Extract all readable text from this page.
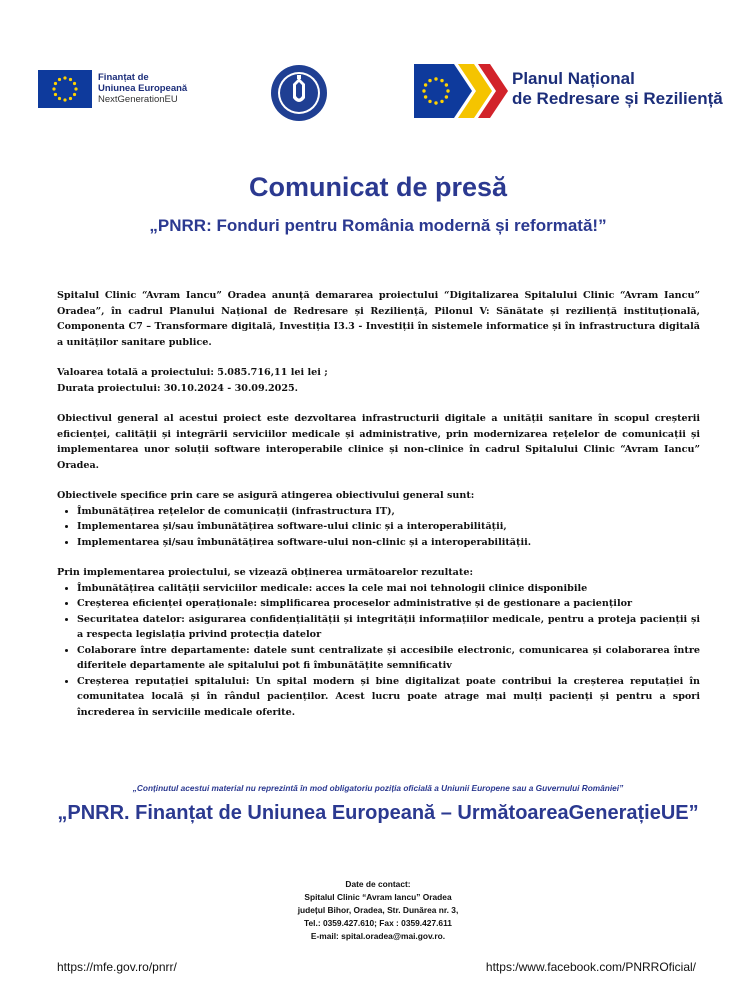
Finanțat de
Uniunea Europeană
NextGenerationEU
Planul Național
de Redresare și Reziliență
Comunicat de presă
„PNRR: Fonduri pentru România modernă și reformată!”

Spitalul Clinic “Avram Iancu” Oradea anunță demararea proiectului “Digitalizarea Spitalului Clinic “Avram Iancu” Oradea”, în cadrul Planului Național de Redresare și Reziliență, Pilonul V: Sănătate și reziliență instituțională, Componenta C7 – Transformare digitală, Investiția I3.3 - Investiții în sistemele informatice și în infrastructura digitală a unităților sanitare publice.

Valoarea totală a proiectului: 5.085.716,11 lei lei ;

Durata proiectului: 30.10.2024 - 30.09.2025.

Obiectivul general al acestui proiect este dezvoltarea infrastructurii digitale a unității sanitare în scopul creșterii eficienței, calității și integrării serviciilor medicale și administrative, prin modernizarea rețelelor de comunicații și implementarea unor soluții software interoperabile clinice și non-clinice în cadrul Spitalului Clinic “Avram Iancu” Oradea.

Obiectivele specifice prin care se asigură atingerea obiectivului general sunt:

• Îmbunătățirea rețelelor de comunicații (infrastructura IT),
• Implementarea și/sau îmbunătățirea software-ului clinic și a interoperabilității,
• Implementarea și/sau îmbunătățirea software-ului non-clinic și a interoperabilității.

Prin implementarea proiectului, se vizează obținerea următoarelor rezultate:

• Îmbunătățirea calității serviciilor medicale: acces la cele mai noi tehnologii clinice disponibile
• Creșterea eficienței operaționale: simplificarea proceselor administrative și de gestionare a pacienților
• Securitatea datelor: asigurarea confidențialității și integrității informațiilor medicale, pentru a proteja pacienții și a respecta legislația privind protecția datelor
• Colaborare între departamente: datele sunt centralizate și accesibile electronic, comunicarea și colaborarea între diferitele departamente ale spitalului pot fi îmbunătățite semnificativ
• Creșterea reputației spitalului: Un spital modern și bine digitalizat poate contribui la creșterea reputației în comunitatea locală și în rândul pacienților. Acest lucru poate atrage mai mulți pacienți și pentru a spori încrederea în serviciile medicale oferite.
„Conținutul acestui material nu reprezintă în mod obligatoriu poziția oficială a Uniunii Europene sau a Guvernului României”
„PNRR. Finanțat de Uniunea Europeană – UrmătoareaGenerațieUE”
Date de contact:
Spitalul Clinic “Avram Iancu” Oradea
județul Bihor, Oradea, Str. Dunărea nr. 3,
Tel.: 0359.427.610; Fax : 0359.427.611
E-mail: spital.oradea@mai.gov.ro.
https://mfe.gov.ro/pnrr/	https:/www.facebook.com/PNRROficial/
